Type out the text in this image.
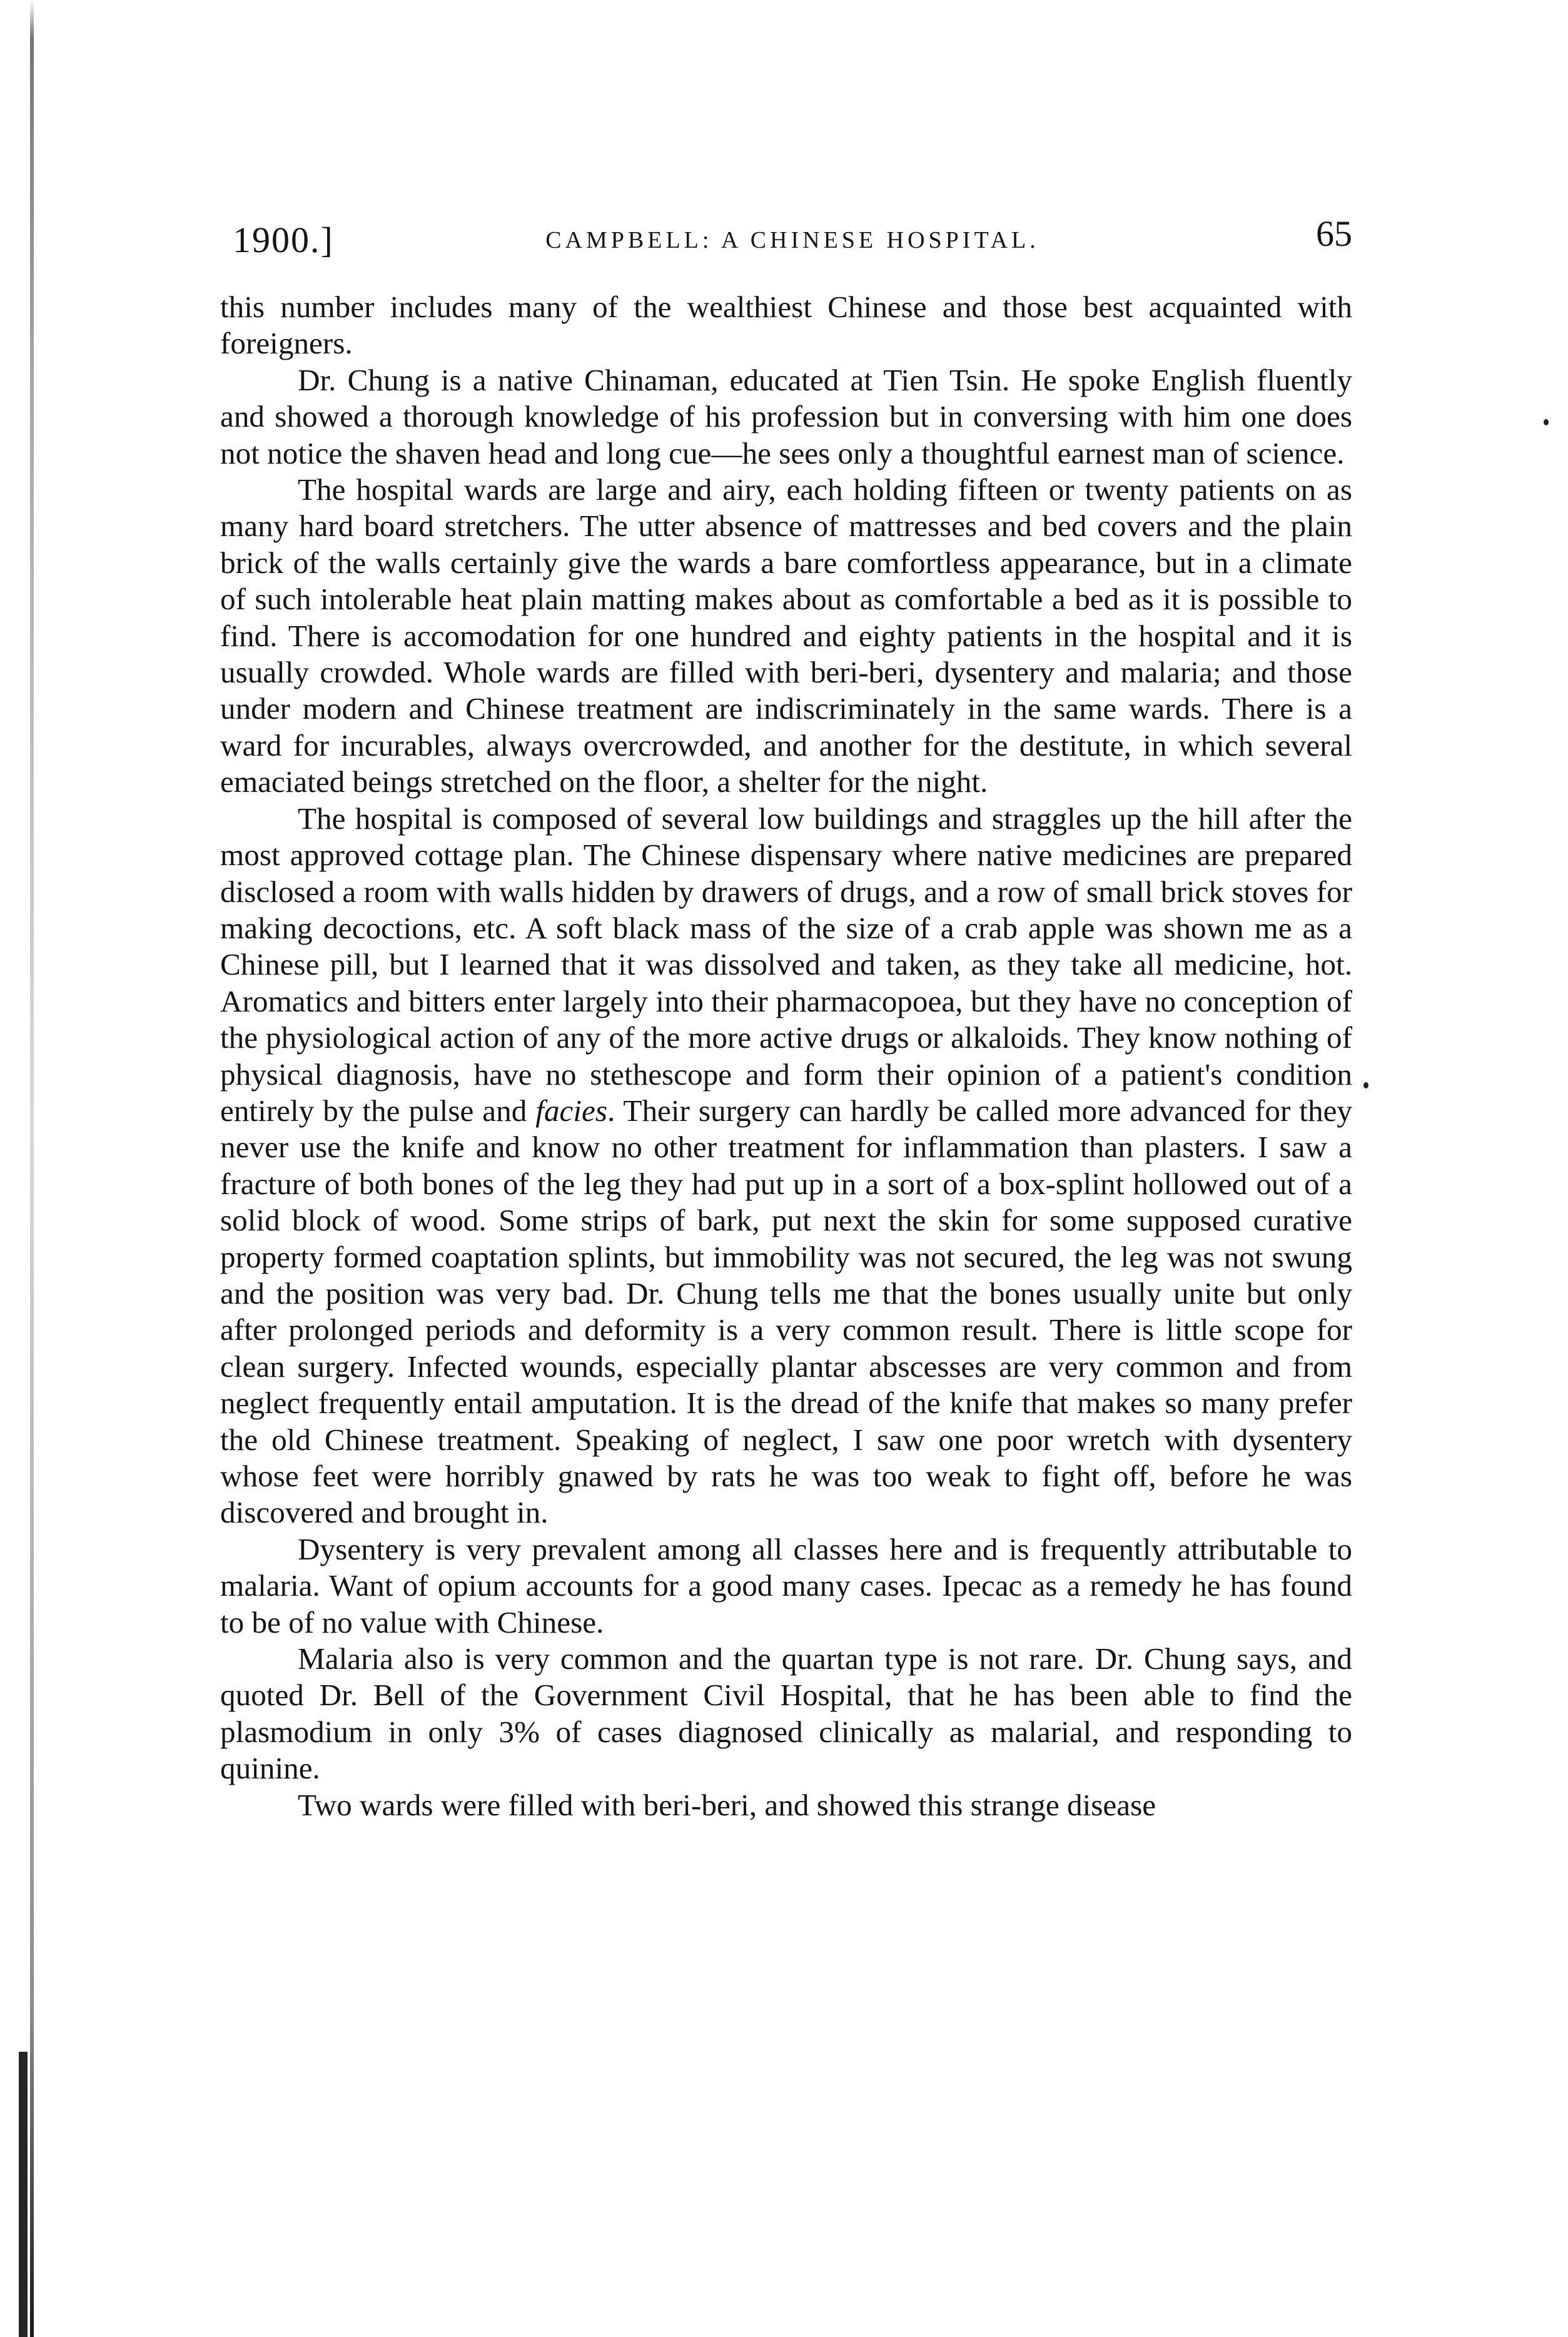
1900.]	CAMPBELL: A CHINESE HOSPITAL.	65

this number includes many of the wealthiest Chinese and those best acquainted with foreigners.

Dr. Chung is a native Chinaman, educated at Tien Tsin. He spoke English fluently and showed a thorough knowledge of his profession but in conversing with him one does not notice the shaven head and long cue—he sees only a thoughtful earnest man of science.

The hospital wards are large and airy, each holding fifteen or twenty patients on as many hard board stretchers. The utter absence of mattresses and bed covers and the plain brick of the walls certainly give the wards a bare comfortless appearance, but in a climate of such intolerable heat plain matting makes about as comfortable a bed as it is possible to find. There is accomodation for one hundred and eighty patients in the hospital and it is usually crowded. Whole wards are filled with beri-beri, dysentery and malaria; and those under modern and Chinese treatment are indiscriminately in the same wards. There is a ward for incurables, always overcrowded, and another for the destitute, in which several emaciated beings stretched on the floor, a shelter for the night.

The hospital is composed of several low buildings and straggles up the hill after the most approved cottage plan. The Chinese dispensary where native medicines are prepared disclosed a room with walls hidden by drawers of drugs, and a row of small brick stoves for making decoctions, etc. A soft black mass of the size of a crab apple was shown me as a Chinese pill, but I learned that it was dissolved and taken, as they take all medicine, hot. Aromatics and bitters enter largely into their pharmacopoea, but they have no conception of the physiological action of any of the more active drugs or alkaloids. They know nothing of physical diagnosis, have no stethescope and form their opinion of a patient's condition entirely by the pulse and facies. Their surgery can hardly be called more advanced for they never use the knife and know no other treatment for inflammation than plasters. I saw a fracture of both bones of the leg they had put up in a sort of a box-splint hollowed out of a solid block of wood. Some strips of bark, put next the skin for some supposed curative property formed coaptation splints, but immobility was not secured, the leg was not swung and the position was very bad. Dr. Chung tells me that the bones usually unite but only after prolonged periods and deformity is a very common result. There is little scope for clean surgery. Infected wounds, especially plantar abscesses are very common and from neglect frequently entail amputation. It is the dread of the knife that makes so many prefer the old Chinese treatment. Speaking of neglect, I saw one poor wretch with dysentery whose feet were horribly gnawed by rats he was too weak to fight off, before he was discovered and brought in.

Dysentery is very prevalent among all classes here and is frequently attributable to malaria. Want of opium accounts for a good many cases. Ipecac as a remedy he has found to be of no value with Chinese.

Malaria also is very common and the quartan type is not rare. Dr. Chung says, and quoted Dr. Bell of the Government Civil Hospital, that he has been able to find the plasmodium in only 3% of cases diagnosed clinically as malarial, and responding to quinine.

Two wards were filled with beri-beri, and showed this strange disease
